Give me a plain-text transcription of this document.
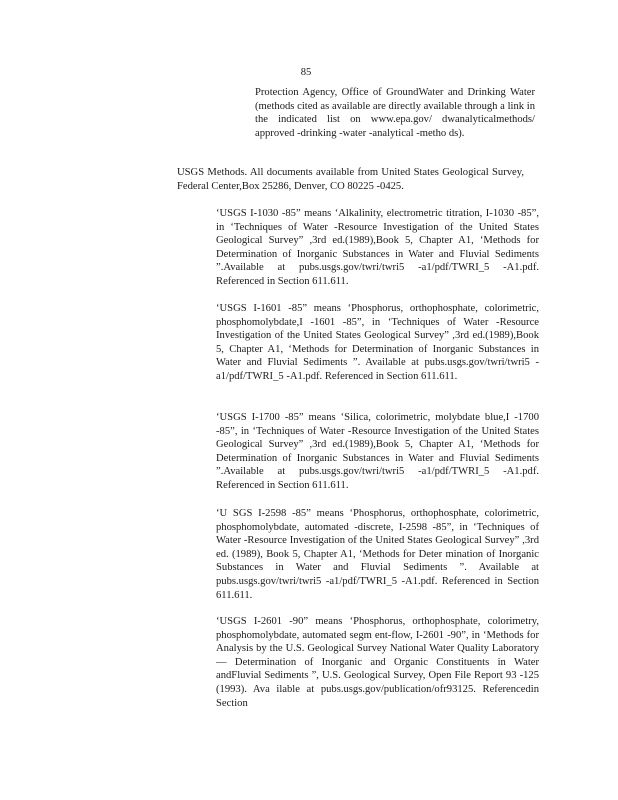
85
Protection Agency, Office of GroundWater and Drinking Water (methods cited as available are directly available through a link in the indicated list on www.epa.gov/ dwanalyticalmethods/ approved -drinking -water -analytical -metho ds).
USGS Methods. All documents available from United States Geological Survey, Federal Center,Box 25286, Denver, CO 80225 -0425.
‘USGS I-1030 -85” means ‘Alkalinity, electrometric titration, I-1030 -85”, in ‘Techniques of Water -Resource Investigation of the United States Geological Survey” ,3rd ed.(1989),Book 5, Chapter A1, ‘Methods for Determination of Inorganic Substances in Water and Fluvial Sediments ”.Available at pubs.usgs.gov/twri/twri5 -a1/pdf/TWRI_5 -A1.pdf. Referenced in Section 611.611.
‘USGS I-1601 -85” means ‘Phosphorus, orthophosphate, colorimetric, phosphomolybdate,I -1601 -85”, in ‘Techniques of Water -Resource Investigation of the United States Geological Survey” ,3rd ed.(1989),Book 5, Chapter A1, ‘Methods for Determination of Inorganic Substances in Water and Fluvial Sediments ”. Available at pubs.usgs.gov/twri/twri5 -a1/pdf/TWRI_5 -A1.pdf. Referenced in Section 611.611.
‘USGS I-1700 -85” means ‘Silica, colorimetric, molybdate blue,I -1700 -85”, in ‘Techniques of Water -Resource Investigation of the United States Geological Survey” ,3rd ed.(1989),Book 5, Chapter A1, ‘Methods for Determination of Inorganic Substances in Water and Fluvial Sediments ”.Available at pubs.usgs.gov/twri/twri5 -a1/pdf/TWRI_5 -A1.pdf. Referenced in Section 611.611.
‘U SGS I-2598 -85” means ‘Phosphorus, orthophosphate, colorimetric, phosphomolybdate, automated -discrete, I-2598 -85”, in ‘Techniques of Water -Resource Investigation of the United States Geological Survey” ,3rd ed. (1989), Book 5, Chapter A1, ‘Methods for Deter mination of Inorganic Substances in Water and Fluvial Sediments ”. Available at pubs.usgs.gov/twri/twri5 -a1/pdf/TWRI_5 -A1.pdf. Referenced in Section 611.611.
‘USGS I-2601 -90” means ‘Phosphorus, orthophosphate, colorimetry, phosphomolybdate, automated segm ent-flow, I-2601 -90”, in ‘Methods for Analysis by the U.S. Geological Survey National Water Quality Laboratory — Determination of Inorganic and Organic Constituents in Water andFluvial Sediments ”, U.S. Geological Survey, Open File Report 93 -125 (1993). Ava ilable at pubs.usgs.gov/publication/ofr93125. Referencedin Section
